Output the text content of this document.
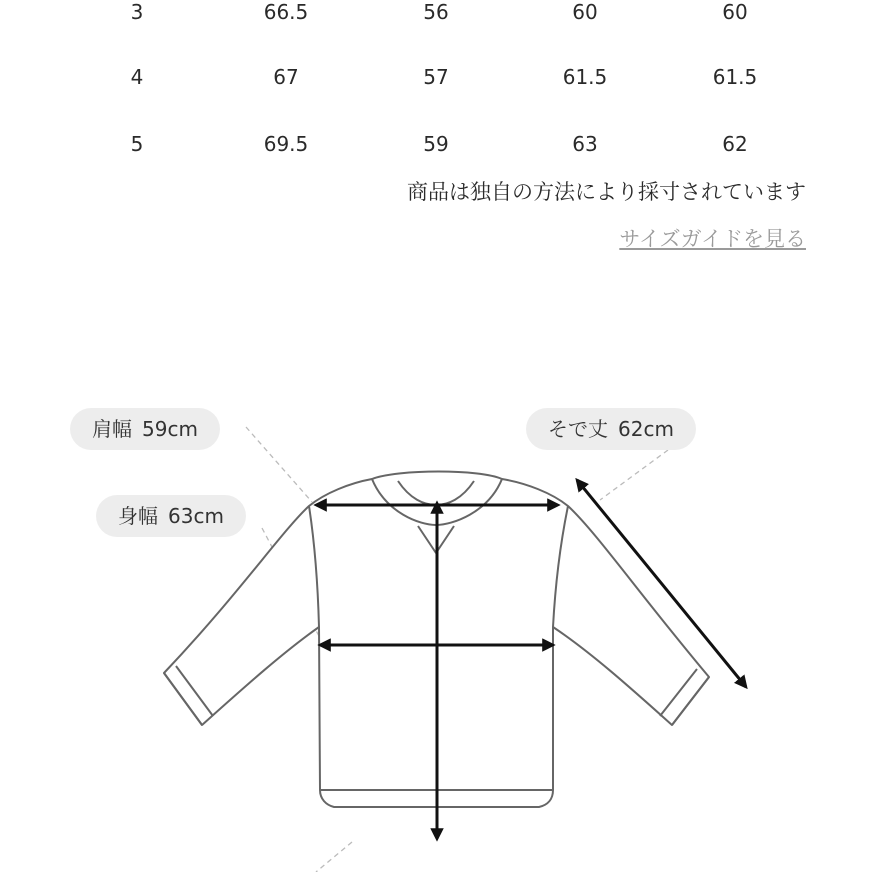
3	66.5	56	60	60
4	67	57	61.5	61.5
5	69.5	59	63	62
商品は独自の方法により採寸されています
サイズガイドを見る
肩幅 59cm
身幅 63cm
そで丈 62cm
